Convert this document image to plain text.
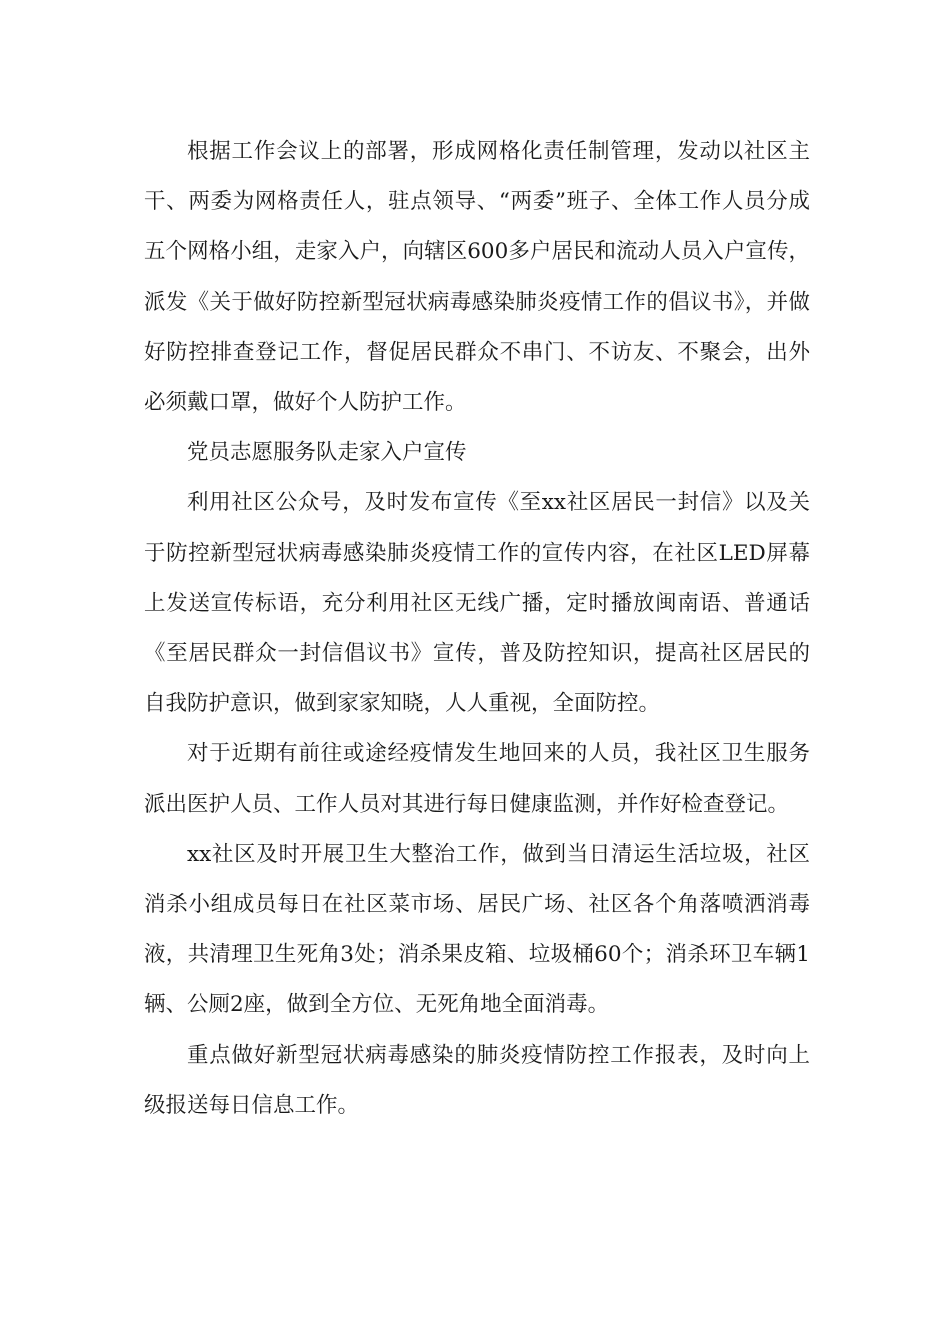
根据工作会议上的部署，形成网格化责任制管理，发动以社区主干、两委为网格责任人，驻点领导、“两委”班子、全体工作人员分成五个网格小组，走家入户，向辖区600多户居民和流动人员入户宣传，派发《关于做好防控新型冠状病毒感染肺炎疫情工作的倡议书》，并做好防控排查登记工作，督促居民群众不串门、不访友、不聚会，出外必须戴口罩，做好个人防护工作。

党员志愿服务队走家入户宣传

利用社区公众号，及时发布宣传《至xx社区居民一封信》以及关于防控新型冠状病毒感染肺炎疫情工作的宣传内容，在社区LED屏幕上发送宣传标语，充分利用社区无线广播，定时播放闽南语、普通话《至居民群众一封信倡议书》宣传，普及防控知识，提高社区居民的自我防护意识，做到家家知晓，人人重视，全面防控。

对于近期有前往或途经疫情发生地回来的人员，我社区卫生服务派出医护人员、工作人员对其进行每日健康监测，并作好检查登记。

xx社区及时开展卫生大整治工作，做到当日清运生活垃圾，社区消杀小组成员每日在社区菜市场、居民广场、社区各个角落喷洒消毒液，共清理卫生死角3处；消杀果皮箱、垃圾桶60个；消杀环卫车辆1辆、公厕2座，做到全方位、无死角地全面消毒。

重点做好新型冠状病毒感染的肺炎疫情防控工作报表，及时向上级报送每日信息工作。
